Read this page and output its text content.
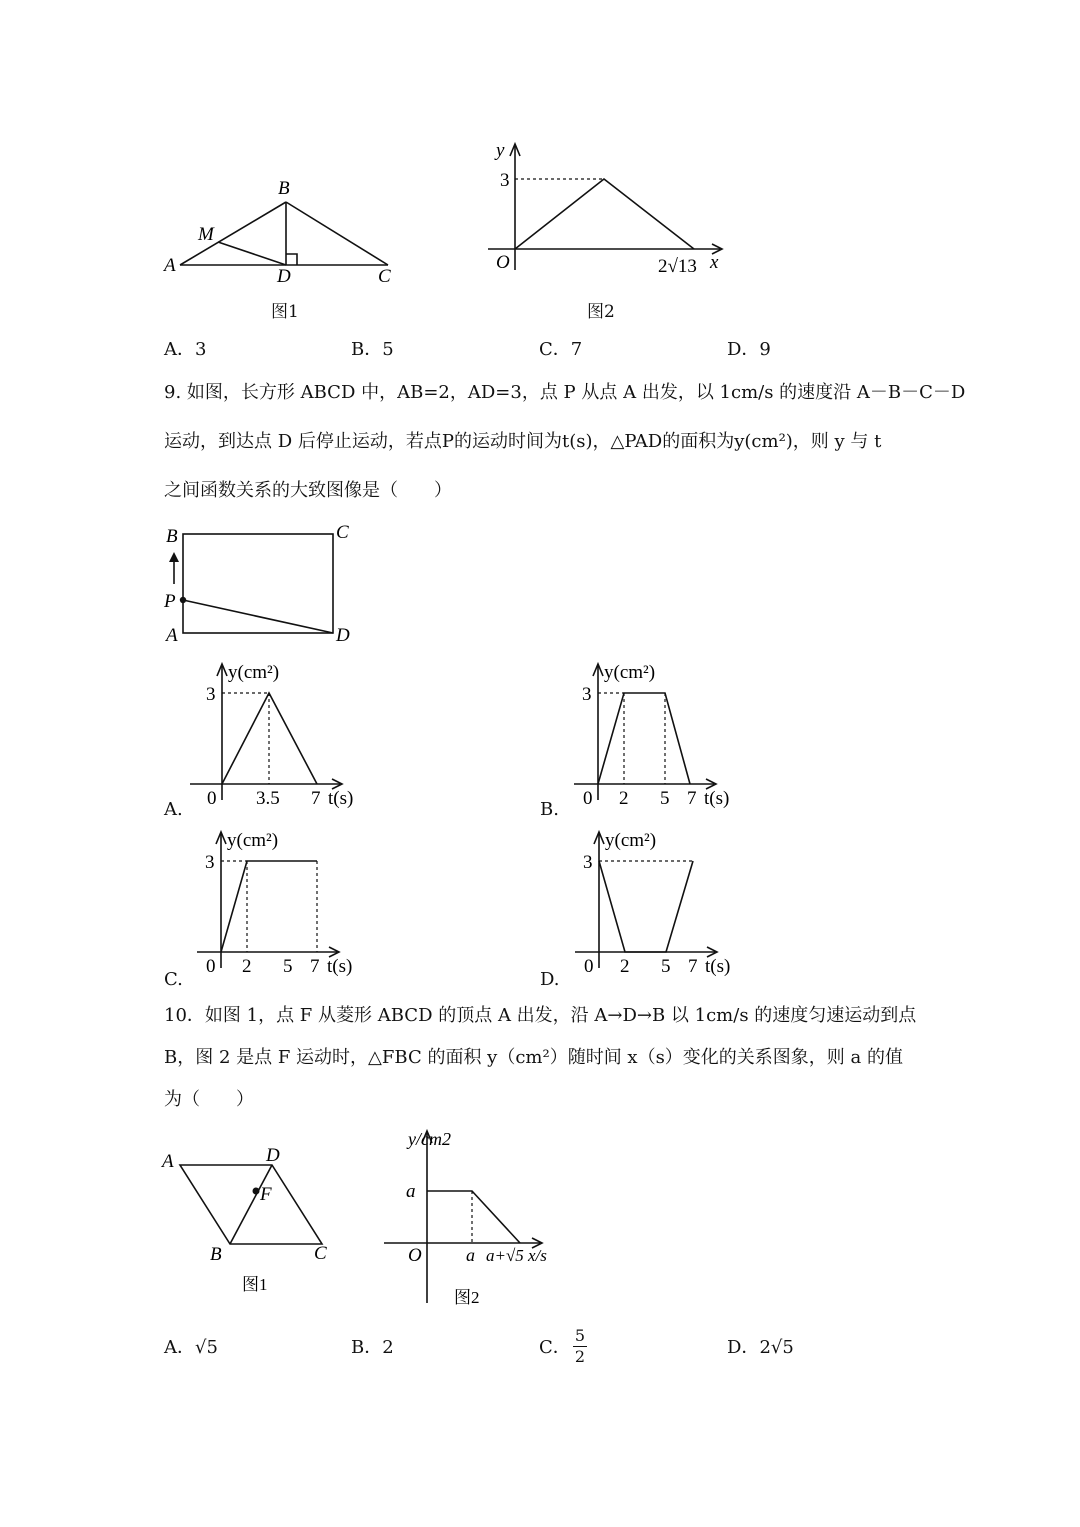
A
B
C
D
M
图1
y
3
O	2√13 x
图2
A．3	B．5	C．7	D．9
9. 如图，长方形 ABCD 中，AB=2，AD=3，点 P 从点 A 出发，以 1cm/s 的速度沿 A－B－C－D
运动，到达点 D 后停止运动，若点P的运动时间为t(s)，△PAD的面积为y(cm²)，则 y 与 t
之间函数关系的大致图像是（　　）
B	C
P
A	D
y(cm²)
3
0 3.5 7 t(s)
A.
y(cm²)
3
0 2 5 7 t(s)
B.
y(cm²)
3
0 2 5 7 t(s)
C.
y(cm²)
3
0 2 5 7 t(s)
D.
10．如图 1，点 F 从菱形 ABCD 的顶点 A 出发，沿 A→D→B 以 1cm/s 的速度匀速运动到点
B，图 2 是点 F 运动时，△FBC 的面积 y（cm²）随时间 x（s）变化的关系图象，则 a 的值
为（　　）
A	D
F
B	C
图1
y/cm2
a
O a a+√5 x/s
图2
A．√5	B．2	C． $\frac{5}{2}$	D．2√5
